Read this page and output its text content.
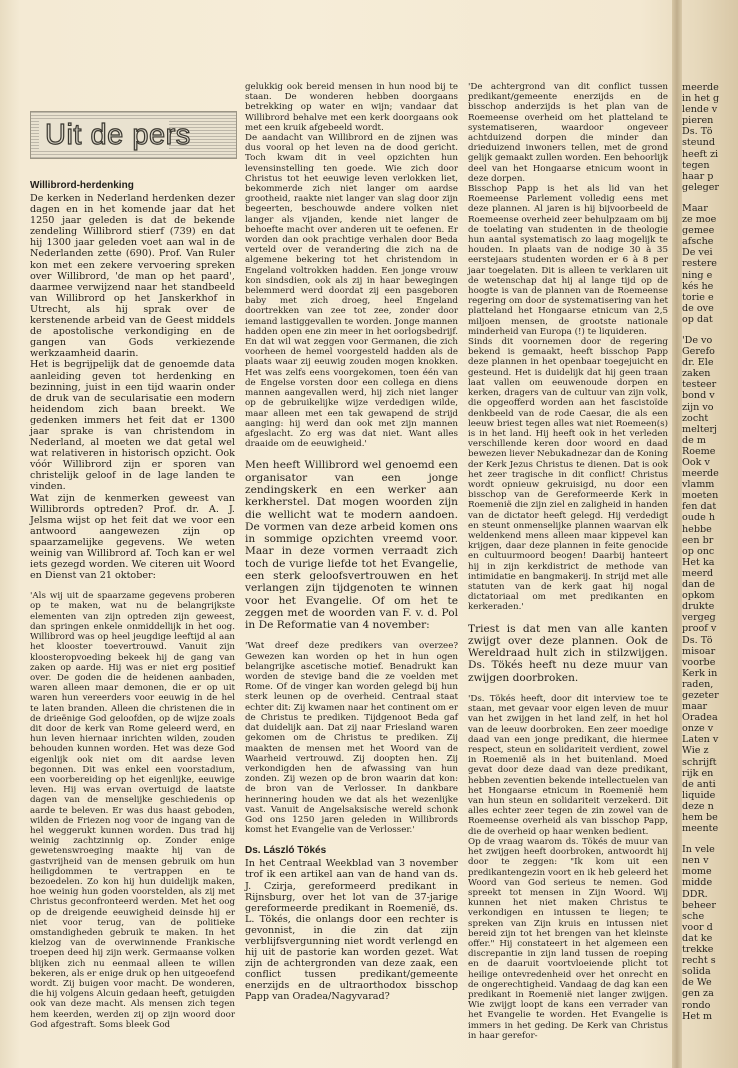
Uit de pers
Willibrord-herdenking

De kerken in Nederland herdenken dezer dagen en in het komende jaar dat het 1250 jaar geleden is dat de bekende zendeling Willibrord stierf (739) en dat hij 1300 jaar geleden voet aan wal in de Nederlanden zette (690). Prof. Van Ruler kon met een zekere vervoering spreken over Willibrord, 'de man op het paard', daarmee verwijzend naar het standbeeld van Willibrord op het Janskerkhof in Utrecht, als hij sprak over de kerstenende arbeid van de Geest middels de apostolische verkondiging en de gangen van Gods verkiezende werkzaamheid daarin.

Het is begrijpelijk dat de genoemde data aanleiding geven tot herdenking en bezinning, juist in een tijd waarin onder de druk van de secularisatie een modern heidendom zich baan breekt. We gedenken immers het feit dat er 1300 jaar sprake is van christendom in Nederland, al moeten we dat getal wel wat relativeren in historisch opzicht. Ook vóór Willibrord zijn er sporen van christelijk geloof in de lage landen te vinden.

Wat zijn de kenmerken geweest van Willibrords optreden? Prof. dr. A. J. Jelsma wijst op het feit dat we voor een antwoord aangewezen zijn op spaarzamelijke gegevens. We weten weinig van Willibrord af. Toch kan er wel iets gezegd worden. We citeren uit Woord en Dienst van 21 oktober:

'Als wij uit de spaarzame gegevens proberen op te maken, wat nu de belangrijkste elementen van zijn optreden zijn geweest, dan springen enkele onmiddellijk in het oog. Willibrord was op heel jeugdige leeftijd al aan het klooster toevertrouwd. Vanuit zijn kloosteropvoeding bekeek hij de gang van zaken op aarde. Hij was er niet erg positief over. De goden die de heidenen aanbaden, waren alleen maar demonen, die er op uit waren hun vereerders voor eeuwig in de hel te laten branden. Alleen die christenen die in de drieënige God geloofden, op de wijze zoals dit door de kerk van Rome geleerd werd, en hun leven hiernaar inrichten wilden, zouden behouden kunnen worden. Het was deze God eigenlijk ook niet om dit aardse leven begonnen. Dit was enkel een voorstadium, een voorbereiding op het eigenlijke, eeuwige leven. Hij was ervan overtuigd de laatste dagen van de menselijke geschiedenis op aarde te beleven. Er was dus haast geboden, wilden de Friezen nog voor de ingang van de hel weggerukt kunnen worden. Dus trad hij weinig zachtzinnig op. Zonder enige gewetenswroeging maakte hij van de gastvrijheid van de mensen gebruik om hun heiligdommen te vertrappen en te bezoedelen. Zo kon hij hun duidelijk maken, hoe weinig hun goden voorstelden, als zij met Christus geconfronteerd werden. Met het oog op de dreigende eeuwigheid deinsde hij er niet voor terug, van de politieke omstandigheden gebruik te maken. In het kielzog van de overwinnende Frankische troepen deed hij zijn werk. Germaanse volken blijken zich nu eenmaal alleen te willen bekeren, als er enige druk op hen uitgeoefend wordt. Zij buigen voor macht. De wonderen, die hij volgens Alcuin gedaan heeft, getuigden ook van deze macht. Als mensen zich tegen hem keerden, werden zij op zijn woord door God afgestraft. Soms bleek God

gelukkig ook bereid mensen in hun nood bij te staan. De wonderen hebben doorgaans betrekking op water en wijn; vandaar dat Willibrord behalve met een kerk doorgaans ook met een kruik afgebeeld wordt.

De aandacht van Willibrord en de zijnen was dus vooral op het leven na de dood gericht. Toch kwam dit in veel opzichten hun levensinstelling ten goede. Wie zich door Christus tot het eeuwige leven verlokken liet, bekommerde zich niet langer om aardse grootheid, raakte niet langer van slag door zijn begeerten, beschouwde andere volken niet langer als vijanden, kende niet langer de behoefte macht over anderen uit te oefenen. Er worden dan ook prachtige verhalen door Beda verteld over de verandering die zich na de algemene bekering tot het christendom in Engeland voltrokken hadden. Een jonge vrouw kon sindsdien, ook als zij in haar bewegingen belemmerd werd doordat zij een pasgeboren baby met zich droeg, heel Engeland doortrekken van zee tot zee, zonder door iemand lastiggevallen te worden. Jonge mannen hadden open ene zin meer in het oorlogsbedrijf. En dat wil wat zeggen voor Germanen, die zich voorheen de hemel voorgesteld hadden als de plaats waar zij eeuwig zouden mogen knokken. Het was zelfs eens voorgekomen, toen één van de Engelse vorsten door een collega en diens mannen aangevallen werd, hij zich niet langer op de gebruikelijke wijze verdedigen wilde, maar alleen met een tak gewapend de strijd aanging: hij werd dan ook met zijn mannen afgeslacht. Zo erg was dat niet. Want alles draaide om de eeuwigheid.'

Men heeft Willibrord wel genoemd een organisator van een jonge zendingskerk en een werker aan kerkherstel. Dat mogen woorden zijn die wellicht wat te modern aandoen. De vormen van deze arbeid komen ons in sommige opzichten vreemd voor. Maar in deze vormen verraadt zich toch de vurige liefde tot het Evangelie, een sterk geloofsvertrouwen en het verlangen zijn tijdgenoten te winnen voor het Evangelie. Of om het te zeggen met de woorden van F. v. d. Pol in De Reformatie van 4 november:

'Wat dreef deze predikers van overzee? Gewezen kan worden op het in hun ogen belangrijke ascetische motief. Benadrukt kan worden de stevige band die ze voelden met Rome. Of de vinger kan worden gelegd bij hun sterk leunen op de overheid. Centraal staat echter dit: Zij kwamen naar het continent om er de Christus te prediken. Tijdgenoot Beda gaf dat duidelijk aan. Dat zij naar Friesland waren gekomen om de Christus te prediken. Zij maakten de mensen met het Woord van de Waarheid vertrouwd. Zij doopten hen. Zij verkondigden hen de afwassing van hun zonden. Zij wezen op de bron waarin dat kon: de bron van de Verlosser. In dankbare herinnering houden we dat als het wezenlijke vast. Vanuit de Angelsaksische wereld schonk God ons 1250 jaren geleden in Willibrords komst het Evangelie van de Verlosser.'

Ds. László Tökés

In het Centraal Weekblad van 3 november trof ik een artikel aan van de hand van ds. J. Czirja, gereformeerd predikant in Rijnsburg, over het lot van de 37-jarige gereformeerde predikant in Roemenië, ds. L. Tökés, die onlangs door een rechter is gevonnist, in die zin dat zijn verblijfsvergunning niet wordt verlengd en hij uit de pastorie kan worden gezet. Wat zijn de achtergronden van deze zaak, een conflict tussen predikant/gemeente enerzijds en de ultraorthodox bisschop Papp van Oradea/Nagyvarad?

'De achtergrond van dit conflict tussen predikant/gemeente enerzijds en de bisschop anderzijds is het plan van de Roemeense overheid om het platteland te systematiseren, waardoor ongeveer achtduizend dorpen die minder dan drieduizend inwoners tellen, met de grond gelijk gemaakt zullen worden. Een behoorlijk deel van het Hongaarse etnicum woont in deze dorpen.

Bisschop Papp is het als lid van het Roemeense Parlement volledig eens met deze plannen. Al jaren is hij bijvoorbeeld de Roemeense overheid zeer behulpzaam om bij de toelating van studenten in de theologie hun aantal systematisch zo laag mogelijk te houden. In plaats van de nodige 30 à 35 eerstejaars studenten worden er 6 à 8 per jaar toegelaten. Dit is alleen te verklaren uit de wetenschap dat hij al lange tijd op de hoogte is van de plannen van de Roemeense regering om door de systematisering van het platteland het Hongaarse etnicum van 2,5 miljoen mensen, de grootste nationale minderheid van Europa (!) te liquideren.

Sinds dit voornemen door de regering bekend is gemaakt, heeft bisschop Papp deze plannen in het openbaar toegejuicht en gesteund. Het is duidelijk dat hij geen traan laat vallen om eeuwenoude dorpen en kerken, dragers van de cultuur van zijn volk, die opgeofferd worden aan het fascistoïde denkbeeld van de rode Caesar, die als een leeuw briest tegen alles wat niet Roemeen(s) is in het land. Hij heeft ook in het verleden verschillende keren door woord en daad bewezen liever Nebukadnezar dan de Koning der Kerk Jezus Christus te dienen. Dat is ook het zeer tragische in dit conflict! Christus wordt opnieuw gekruisigd, nu door een bisschop van de Gereformeerde Kerk in Roemenië die zijn ziel en zaligheid in handen van de dictator heeft gelegd. Hij verdedigt en steunt onmenselijke plannen waarvan elk weldenkend mens alleen maar kippevel kan krijgen, daar deze plannen in feite genocide en cultuurmoord beogen! Daarbij hanteert hij in zijn kerkdistrict de methode van intimidatie en bangmakerij. In strijd met alle statuten van de kerk gaat hij nogal dictatoriaal om met predikanten en kerkeraden.'

Triest is dat men van alle kanten zwijgt over deze plannen. Ook de Wereldraad hult zich in stilzwijgen. Ds. Tökés heeft nu deze muur van zwijgen doorbroken.

'Ds. Tökés heeft, door dit interview toe te staan, met gevaar voor eigen leven de muur van het zwijgen in het land zelf, in het hol van de leeuw doorbroken. Een zeer moedige daad van een jonge predikant, die hiermee respect, steun en solidariteit verdient, zowel in Roemenië als in het buitenland. Moed gevat door deze daad van deze predikant, hebben zeventien bekende intellectuelen van het Hongaarse etnicum in Roemenië hem van hun steun en solidariteit verzekerd. Dit alles echter zeer tegen de zin zowel van de Roemeense overheid als van bisschop Papp, die de overheid op haar wenken bedient.

Op de vraag waarom ds. Tökés de muur van het zwijgen heeft doorbroken, antwoordt hij door te zeggen: "Ik kom uit een predikantengezin voort en ik heb geleerd het Woord van God serieus te nemen. God spreekt tot mensen in Zijn Woord. Wij kunnen het niet maken Christus te verkondigen en intussen te liegen; te spreken van Zijn kruis en intussen niet bereid zijn tot het brengen van het kleinste offer." Hij constateert in het algemeen een discrepantie in zijn land tussen de roeping en de daaruit voortvloeiende plicht tot heilige ontevredenheid over het onrecht en de ongerechtigheid. Vandaag de dag kan een predikant in Roemenië niet langer zwijgen. Wie zwijgt loopt de kans een verrader van het Evangelie te worden. Het Evangelie is immers in het geding. De Kerk van Christus in haar gerefor-

meerde
in het g
lende v
pieren
Ds. Tö
steund
heeft zi
tegen
haar p
geleger
Maar
ze moe
gemee
afsche
De vei
restere
ning e
kés he
torie e
de ove
op dat
'De vo
Gerefo
dr. Ele
zaken
testeer
bond v
zijn vo
zocht
melterj
de m
Roeme
Ook v
meerde
vlamm
moeten
fen dat
oude h
hebbe
een br
op onc
Het ka
meerd
dan de
opkom
drukte
vergeg
proof v
Ds. Tö
misoar
voorbe
Kerk in
raden,
gezeter
maar
Oradea
onze v
Laten v
Wie z
schrijft
rijk en
de anti
liquide
deze n
hem be
meente
In vele
nen v
mome
midde
DDR.
beheer
sche
voor d
dat ke
trekke
recht s
solida
de We
gen za
rondo
Het m
